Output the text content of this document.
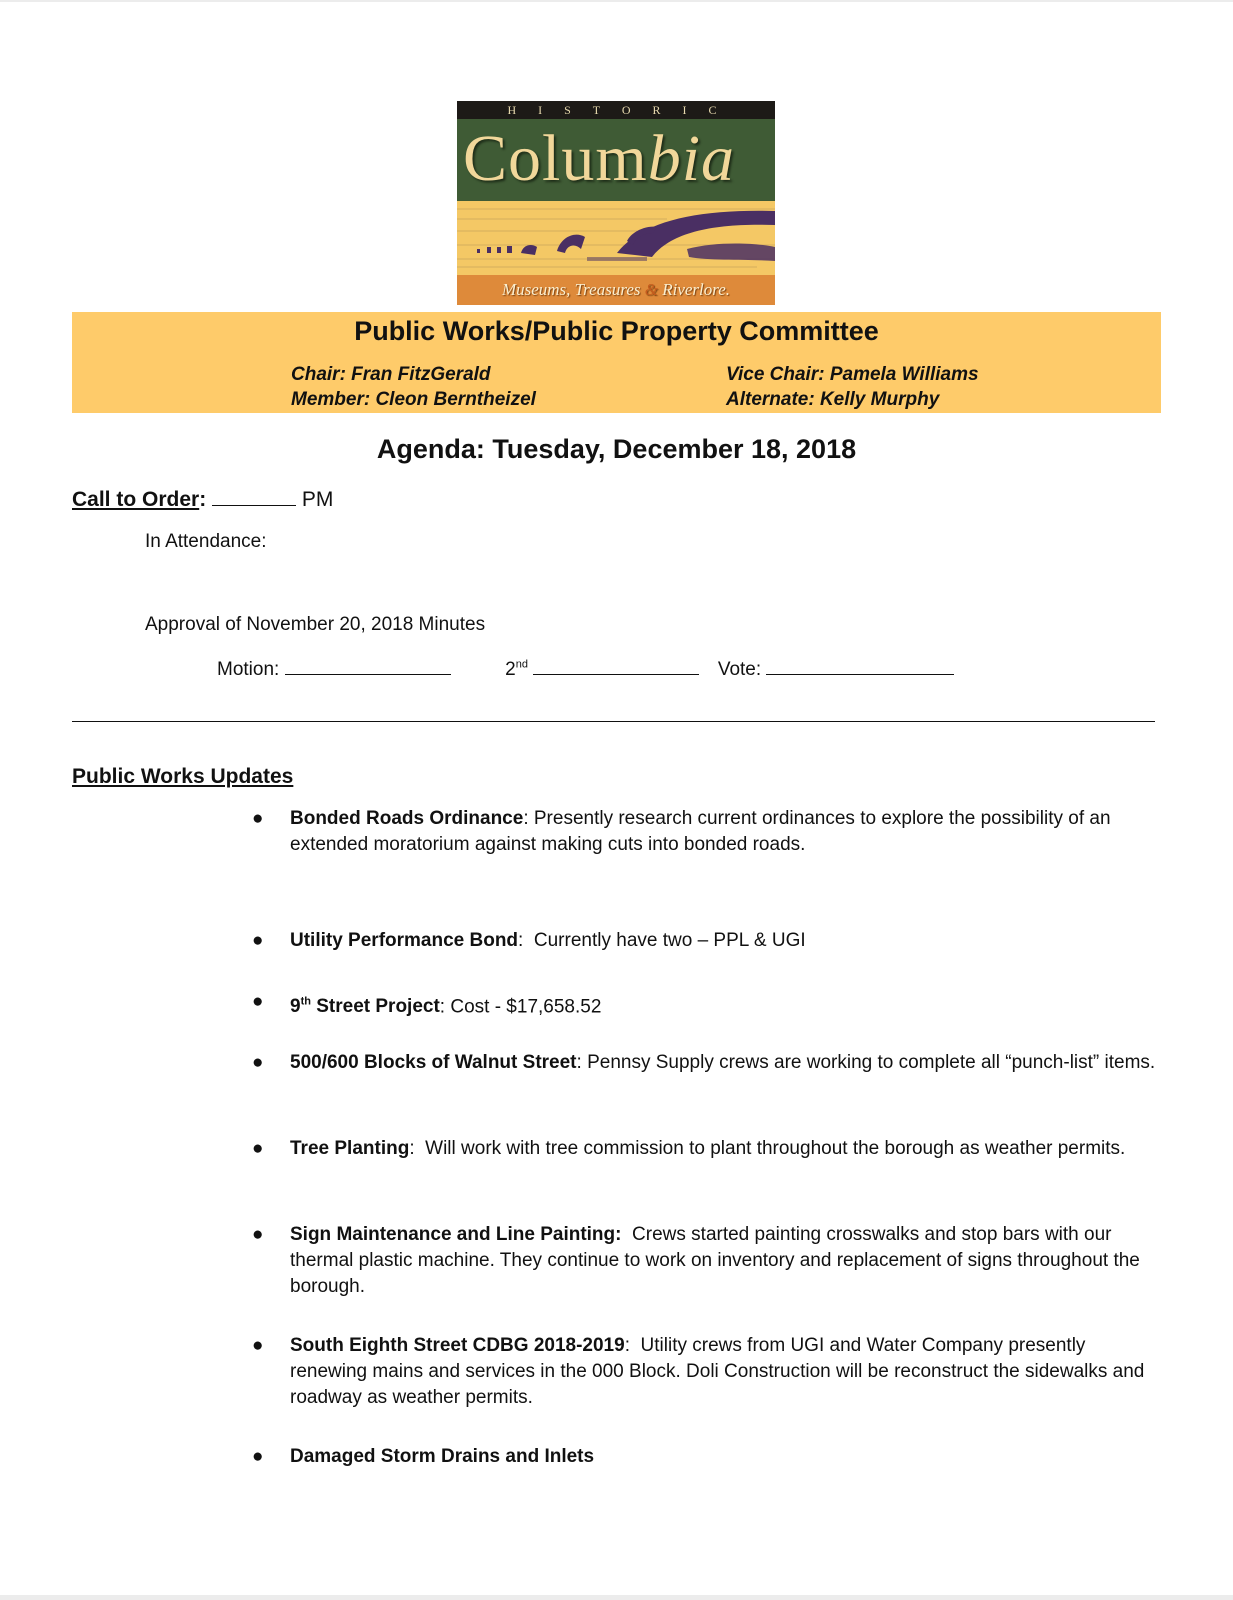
HISTORIC
Columbia
Museums, Treasures & Riverlore.
Public Works/Public Property Committee
Chair: Fran FitzGerald	Vice Chair: Pamela Williams
Member: Cleon Berntheizel	Alternate: Kelly Murphy
Agenda: Tuesday, December 18, 2018
Call to Order:	PM
In Attendance:
Approval of November 20, 2018 Minutes
Motion:	2nd	Vote:
Public Works Updates
● Bonded Roads Ordinance: Presently research current ordinances to explore the possibility of an extended moratorium against making cuts into bonded roads.
● Utility Performance Bond:  Currently have two – PPL & UGI
● 9th Street Project: Cost - $17,658.52
● 500/600 Blocks of Walnut Street: Pennsy Supply crews are working to complete all “punch-list” items.
● Tree Planting:  Will work with tree commission to plant throughout the borough as weather permits.
● Sign Maintenance and Line Painting: Crews started painting crosswalks and stop bars with our thermal plastic machine. They continue to work on inventory and replacement of signs throughout the borough.
● South Eighth Street CDBG 2018-2019:  Utility crews from UGI and Water Company presently renewing mains and services in the 000 Block. Doli Construction will be reconstruct the sidewalks and roadway as weather permits.
● Damaged Storm Drains and Inlets
